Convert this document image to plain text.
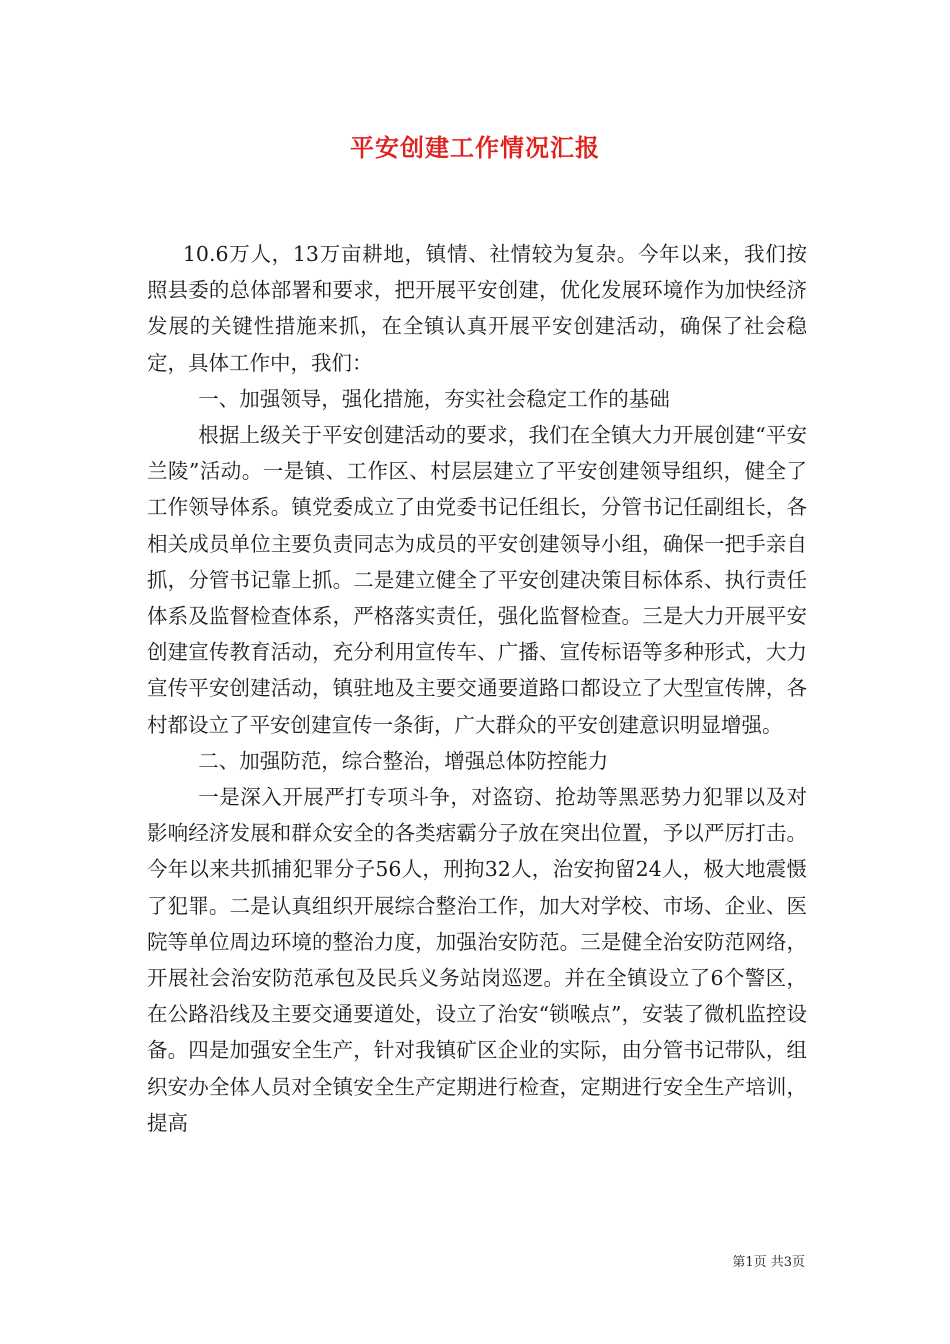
平安创建工作情况汇报

10.6万人，13万亩耕地，镇情、社情较为复杂。今年以来，我们按照县委的总体部署和要求，把开展平安创建，优化发展环境作为加快经济发展的关键性措施来抓，在全镇认真开展平安创建活动，确保了社会稳定，具体工作中，我们：

一、加强领导，强化措施，夯实社会稳定工作的基础

根据上级关于平安创建活动的要求，我们在全镇大力开展创建“平安兰陵”活动。一是镇、工作区、村层层建立了平安创建领导组织，健全了工作领导体系。镇党委成立了由党委书记任组长，分管书记任副组长，各相关成员单位主要负责同志为成员的平安创建领导小组，确保一把手亲自抓，分管书记靠上抓。二是建立健全了平安创建决策目标体系、执行责任体系及监督检查体系，严格落实责任，强化监督检查。三是大力开展平安创建宣传教育活动，充分利用宣传车、广播、宣传标语等多种形式，大力宣传平安创建活动，镇驻地及主要交通要道路口都设立了大型宣传牌，各村都设立了平安创建宣传一条街，广大群众的平安创建意识明显增强。

二、加强防范，综合整治，增强总体防控能力

一是深入开展严打专项斗争，对盗窃、抢劫等黑恶势力犯罪以及对影响经济发展和群众安全的各类痞霸分子放在突出位置，予以严厉打击。今年以来共抓捕犯罪分子56人，刑拘32人，治安拘留24人，极大地震慑了犯罪。二是认真组织开展综合整治工作，加大对学校、市场、企业、医院等单位周边环境的整治力度，加强治安防范。三是健全治安防范网络，开展社会治安防范承包及民兵义务站岗巡逻。并在全镇设立了6个警区，在公路沿线及主要交通要道处，设立了治安“锁喉点”，安装了微机监控设备。四是加强安全生产，针对我镇矿区企业的实际，由分管书记带队，组织安办全体人员对全镇安全生产定期进行检查，定期进行安全生产培训，提高

第1页 共3页
